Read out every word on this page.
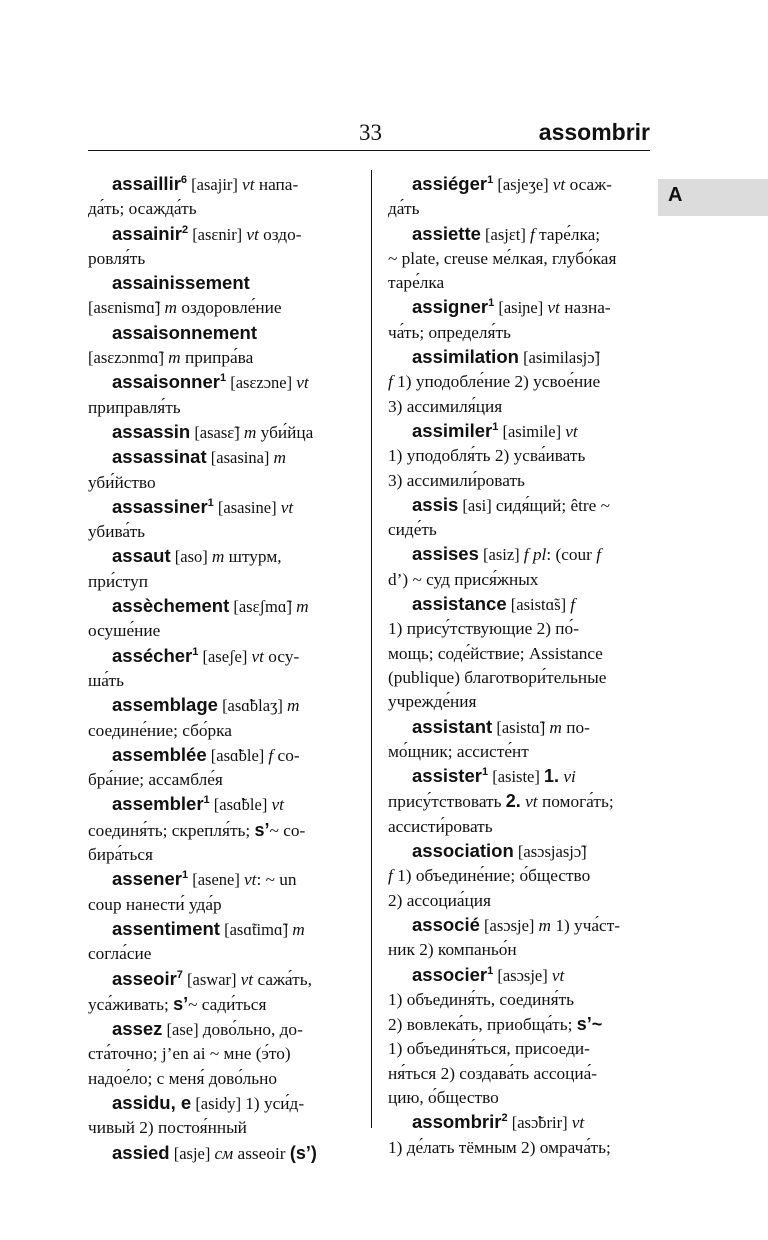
33	assombrir
A

assaillir$^6$ [asajir] vt напа-

да́ть; осажда́ть

assainir$^2$ [asɛnir] vt оздо-

ровля́ть

assainissement

[asɛnismɑ̃] m оздоровле́ние

assaisonnement

[asɛzɔnmɑ̃] m припра́ва

assaisonner$^1$ [asɛzɔne] vt

приправля́ть

assassin [asasɛ̃] m уби́йца

assassinat [asasina] m

уби́йство

assassiner$^1$ [asasine] vt

убива́ть

assaut [aso] m штурм,

при́ступ

assèchement [asɛʃmɑ̃] m

осуше́ние

assécher$^1$ [aseʃe] vt осу-

ша́ть

assemblage [asɑ̃blaʒ] m

соедине́ние; сбо́рка

assemblée [asɑ̃ble] f со-

бра́ние; ассамбле́я

assembler$^1$ [asɑ̃ble] vt

соединя́ть; скрепля́ть; s’~ со-

бира́ться

assener$^1$ [asene] vt: ~ un

coup нанести́ уда́р

assentiment [asɑ̃timɑ̃] m

согла́сие

asseoir$^7$ [aswar] vt сажа́ть,

уса́живать; s’~ сади́ться

assez [ase] дово́льно, до-

ста́точно; j’en ai ~ мне (э́то)

надое́ло; с меня́ дово́льно

assidu, e [asidy] 1) уси́д-

чивый 2) постоя́нный

assied [asje] см asseoir (s’)

assiéger$^1$ [asjeʒe] vt осаж-

да́ть

assiette [asjɛt] f таре́лка;

~ plate, creuse ме́лкая, глубо́кая

таре́лка

assigner$^1$ [asiɲe] vt назна-

ча́ть; определя́ть

assimilation [asimilasjɔ̃]

f 1) уподобле́ние 2) усвое́ние

3) ассимиля́ция

assimiler$^1$ [asimile] vt

1) уподобля́ть 2) усва́ивать

3) ассимили́ровать

assis [asi] сидя́щий; être ~

сиде́ть

assises [asiz] f pl: (cour f

d’) ~ суд прися́жных

assistance [asistɑ̃s] f

1) прису́тствующие 2) по́-

мощь; соде́йствие; Assistance

(publique) благотвори́тельные

учрежде́ния

assistant [asistɑ̃] m по-

мо́щник; ассисте́нт

assister$^1$ [asiste] 1. vi

прису́тствовать 2. vt помога́ть;

ассисти́ровать

association [asɔsjasjɔ̃]

f 1) объедине́ние; о́бщество

2) ассоциа́ция

associé [asɔsje] m 1) уча́ст-

ник 2) компаньо́н

associer$^1$ [asɔsje] vt

1) объединя́ть, соединя́ть

2) вовлека́ть, приобща́ть; s’~

1) объединя́ться, присоеди-

ня́ться 2) создава́ть ассоциа́-

цию, о́бщество

assombrir$^2$ [asɔ̃brir] vt

1) де́лать тёмным 2) омрача́ть;
